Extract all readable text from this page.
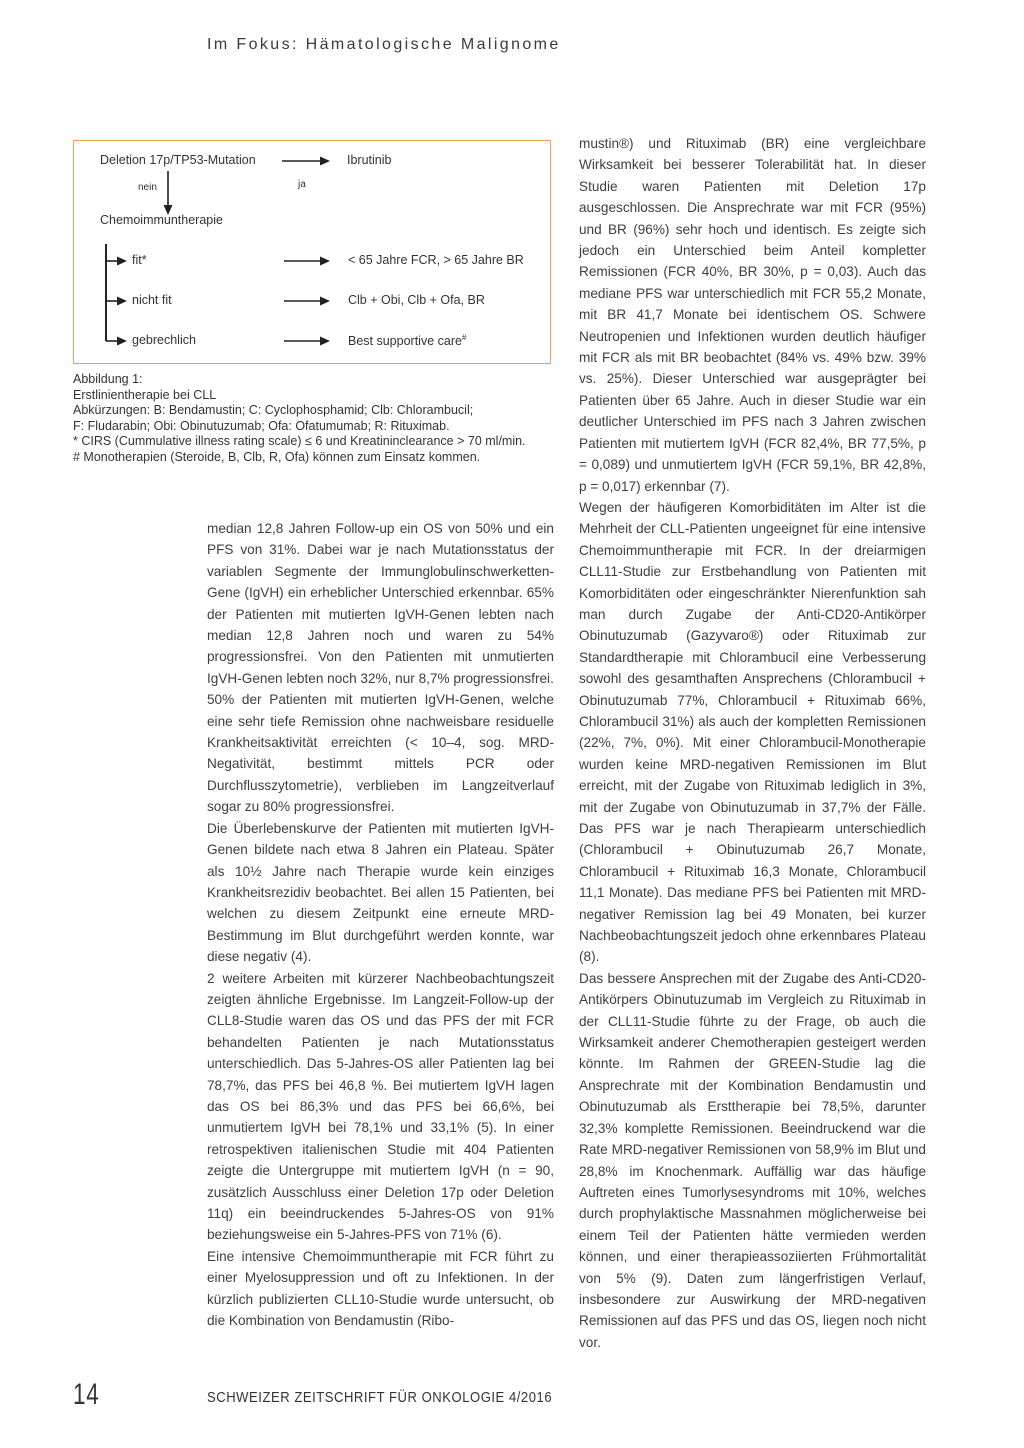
Im Fokus: Hämatologische Malignome
Deletion 17p/TP53-Mutation	Ibrutinib
nein	ja
Chemoimmuntherapie
fit*	< 65 Jahre FCR, > 65 Jahre BR
nicht fit	Clb + Obi, Clb + Ofa, BR
gebrechlich	Best supportive care#
Abbildung 1:
Erstlinientherapie bei CLL
Abkürzungen: B: Bendamustin; C: Cyclophosphamid; Clb: Chlorambucil;
F: Fludarabin; Obi: Obinutuzumab; Ofa: Ofatumumab; R: Rituximab.
* CIRS (Cummulative illness rating scale) ≤ 6 und Kreatininclearance > 70 ml/min.
# Monotherapien (Steroide, B, Clb, R, Ofa) können zum Einsatz kommen.

median 12,8 Jahren Follow-up ein OS von 50% und ein PFS von 31%. Dabei war je nach Mutationsstatus der variablen Segmente der Immunglobulinschwerketten-Gene (IgVH) ein erheblicher Unterschied erkennbar. 65% der Patienten mit mutierten IgVH-Genen lebten nach median 12,8 Jahren noch und waren zu 54% progressionsfrei. Von den Patienten mit unmutierten IgVH-Genen lebten noch 32%, nur 8,7% progressionsfrei.

50% der Patienten mit mutierten IgVH-Genen, welche eine sehr tiefe Remission ohne nachweisbare residuelle Krankheitsaktivität erreichten (< 10–4, sog. MRD-Negativität, bestimmt mittels PCR oder Durchflusszytometrie), verblieben im Langzeitverlauf sogar zu 80% progressionsfrei.

Die Überlebenskurve der Patienten mit mutierten IgVH-Genen bildete nach etwa 8 Jahren ein Plateau. Später als 10½ Jahre nach Therapie wurde kein einziges Krankheitsrezidiv beobachtet. Bei allen 15 Patienten, bei welchen zu diesem Zeitpunkt eine erneute MRD-Bestimmung im Blut durchgeführt werden konnte, war diese negativ (4).

2 weitere Arbeiten mit kürzerer Nachbeobachtungszeit zeigten ähnliche Ergebnisse. Im Langzeit-Follow-up der CLL8-Studie waren das OS und das PFS der mit FCR behandelten Patienten je nach Mutationsstatus unterschiedlich. Das 5-Jahres-OS aller Patienten lag bei 78,7%, das PFS bei 46,8 %. Bei mutiertem IgVH lagen das OS bei 86,3% und das PFS bei 66,6%, bei unmutiertem IgVH bei 78,1% und 33,1% (5). In einer retrospektiven italienischen Studie mit 404 Patienten zeigte die Untergruppe mit mutiertem IgVH (n = 90, zusätzlich Ausschluss einer Deletion 17p oder Deletion 11q) ein beeindruckendes 5-Jahres-OS von 91% beziehungsweise ein 5-Jahres-PFS von 71% (6).

Eine intensive Chemoimmuntherapie mit FCR führt zu einer Myelosuppression und oft zu Infektionen. In der kürzlich publizierten CLL10-Studie wurde untersucht, ob die Kombination von Bendamustin (Ribo-

mustin®) und Rituximab (BR) eine vergleichbare Wirksamkeit bei besserer Tolerabilität hat. In dieser Studie waren Patienten mit Deletion 17p ausgeschlossen. Die Ansprechrate war mit FCR (95%) und BR (96%) sehr hoch und identisch. Es zeigte sich jedoch ein Unterschied beim Anteil kompletter Remissionen (FCR 40%, BR 30%, p = 0,03). Auch das mediane PFS war unterschiedlich mit FCR 55,2 Monate, mit BR 41,7 Monate bei identischem OS. Schwere Neutropenien und Infektionen wurden deutlich häufiger mit FCR als mit BR beobachtet (84% vs. 49% bzw. 39% vs. 25%). Dieser Unterschied war ausgeprägter bei Patienten über 65 Jahre. Auch in dieser Studie war ein deutlicher Unterschied im PFS nach 3 Jahren zwischen Patienten mit mutiertem IgVH (FCR 82,4%, BR 77,5%, p = 0,089) und unmutiertem IgVH (FCR 59,1%, BR 42,8%, p = 0,017) erkennbar (7).

Wegen der häufigeren Komorbiditäten im Alter ist die Mehrheit der CLL-Patienten ungeeignet für eine intensive Chemoimmuntherapie mit FCR. In der dreiarmigen CLL11-Studie zur Erstbehandlung von Patienten mit Komorbiditäten oder eingeschränkter Nierenfunktion sah man durch Zugabe der Anti-CD20-Antikörper Obinutuzumab (Gazyvaro®) oder Rituximab zur Standardtherapie mit Chlorambucil eine Verbesserung sowohl des gesamthaften Ansprechens (Chlorambucil + Obinutuzumab 77%, Chlorambucil + Rituximab 66%, Chlorambucil 31%) als auch der kompletten Remissionen (22%, 7%, 0%). Mit einer Chlorambucil-Monotherapie wurden keine MRD-negativen Remissionen im Blut erreicht, mit der Zugabe von Rituximab lediglich in 3%, mit der Zugabe von Obinutuzumab in 37,7% der Fälle. Das PFS war je nach Therapiearm unterschiedlich (Chlorambucil + Obinutuzumab 26,7 Monate, Chlorambucil + Rituximab 16,3 Monate, Chlorambucil 11,1 Monate). Das mediane PFS bei Patienten mit MRD-negativer Remission lag bei 49 Monaten, bei kurzer Nachbeobachtungszeit jedoch ohne erkennbares Plateau (8).

Das bessere Ansprechen mit der Zugabe des Anti-CD20-Antikörpers Obinutuzumab im Vergleich zu Rituximab in der CLL11-Studie führte zu der Frage, ob auch die Wirksamkeit anderer Chemotherapien gesteigert werden könnte. Im Rahmen der GREEN-Studie lag die Ansprechrate mit der Kombination Bendamustin und Obinutuzumab als Ersttherapie bei 78,5%, darunter 32,3% komplette Remissionen. Beeindruckend war die Rate MRD-negativer Remissionen von 58,9% im Blut und 28,8% im Knochenmark. Auffällig war das häufige Auftreten eines Tumorlysesyndroms mit 10%, welches durch prophylaktische Massnahmen möglicherweise bei einem Teil der Patienten hätte vermieden werden können, und einer therapieassoziierten Frühmortalität von 5% (9). Daten zum längerfristigen Verlauf, insbesondere zur Auswirkung der MRD-negativen Remissionen auf das PFS und das OS, liegen noch nicht vor.

14	SCHWEIZER ZEITSCHRIFT FÜR ONKOLOGIE 4/2016
